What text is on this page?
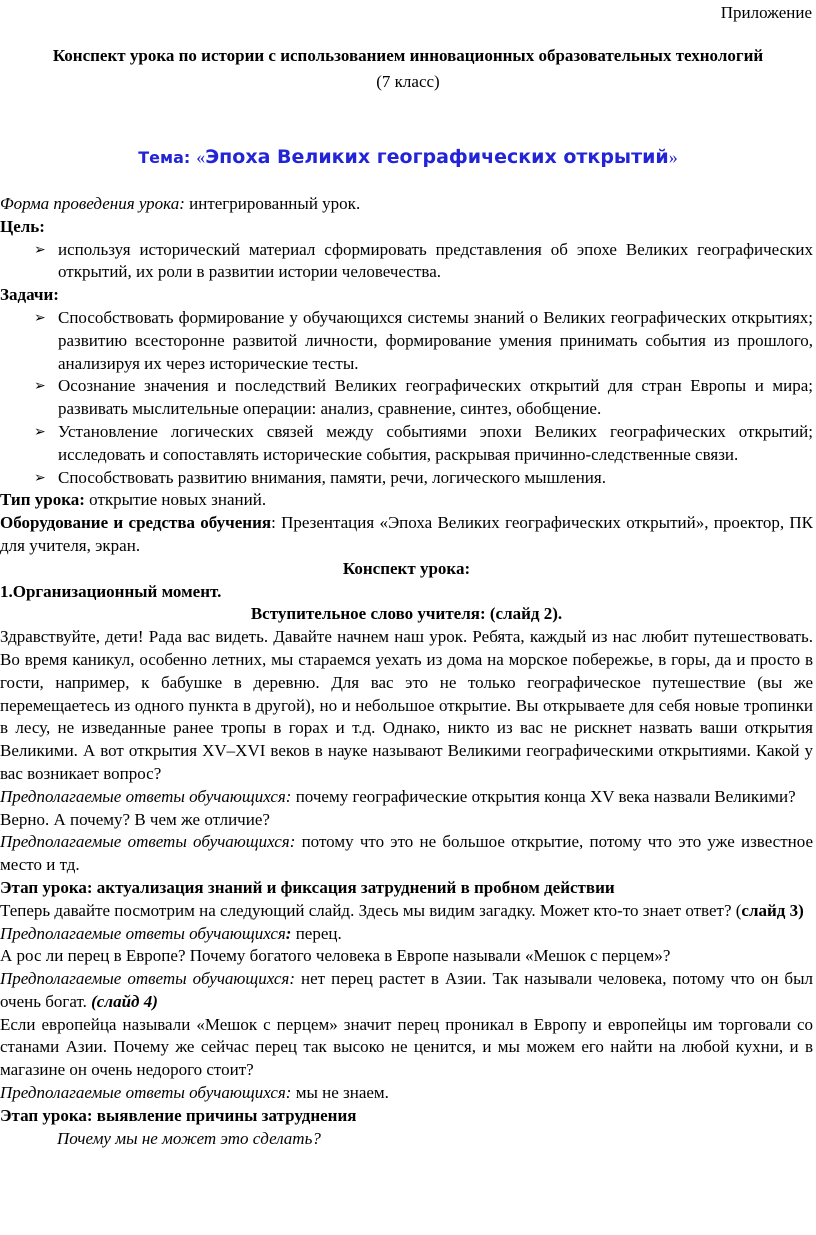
Приложение
Конспект урока по истории с использованием инновационных образовательных технологий
(7 класс)
Тема: «Эпоха Великих географических открытий»

Форма проведения урока: интегрированный урок.

Цель:

➢ используя исторический материал сформировать представления об эпохе Великих географических открытий, их роли в развитии истории человечества.

Задачи:

➢ Способствовать формирование у обучающихся системы знаний о Великих географических открытиях; развитию всесторонне развитой личности, формирование умения принимать события из прошлого, анализируя их через исторические тесты.
➢ Осознание значения и последствий Великих географических открытий для стран Европы и мира; развивать мыслительные операции: анализ, сравнение, синтез, обобщение.
➢ Установление логических связей между событиями эпохи Великих географических открытий; исследовать и сопоставлять исторические события, раскрывая причинно-следственные связи.
➢ Способствовать развитию внимания, памяти, речи, логического мышления.

Тип урока: открытие новых знаний.

Оборудование и средства обучения: Презентация «Эпоха Великих географических открытий», проектор, ПК для учителя, экран.

Конспект урока:

1.Организационный момент.

Вступительное слово учителя: (слайд 2).

Здравствуйте, дети! Рада вас видеть. Давайте начнем наш урок. Ребята, каждый из нас любит путешествовать. Во время каникул, особенно летних, мы стараемся уехать из дома на морское побережье, в горы, да и просто в гости, например, к бабушке в деревню. Для вас это не только географическое путешествие (вы же перемещаетесь из одного пункта в другой), но и небольшое открытие. Вы открываете для себя новые тропинки в лесу, не изведанные ранее тропы в горах и т.д. Однако, никто из вас не рискнет назвать ваши открытия Великими. А вот открытия XV–XVI веков в науке называют Великими географическими открытиями. Какой у вас возникает вопрос?

Предполагаемые ответы обучающихся: почему географические открытия конца XV века назвали Великими?

Верно. А почему? В чем же отличие?

Предполагаемые ответы обучающихся: потому что это не большое открытие, потому что это уже известное место и тд.

Этап урока: актуализация знаний и фиксация затруднений в пробном действии

Теперь давайте посмотрим на следующий слайд. Здесь мы видим загадку. Может кто-то знает ответ? (слайд 3)

Предполагаемые ответы обучающихся: перец.

А рос ли перец в Европе? Почему богатого человека в Европе называли «Мешок с перцем»?

Предполагаемые ответы обучающихся: нет перец растет в Азии. Так называли человека, потому что он был очень богат. (слайд 4)

Если европейца называли «Мешок с перцем» значит перец проникал в Европу и европейцы им торговали со станами Азии. Почему же сейчас перец так высоко не ценится, и мы можем его найти на любой кухни, и в магазине он очень недорого стоит?

Предполагаемые ответы обучающихся: мы не знаем.

Этап урока: выявление причины затруднения

Почему мы не может это сделать?
